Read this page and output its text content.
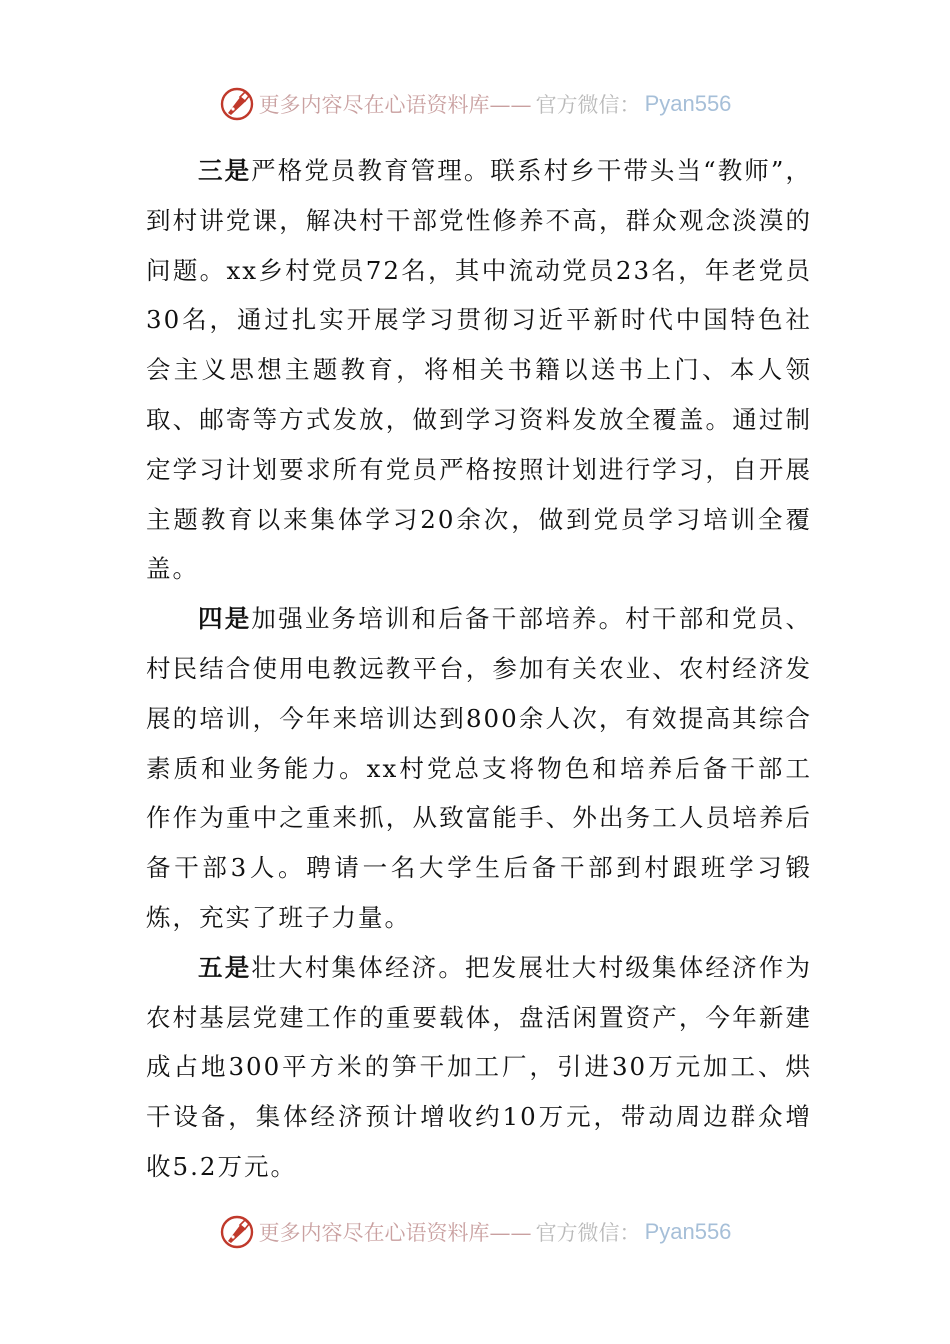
更多内容尽在心语资料库—— 官方微信： Pyan556

三是严格党员教育管理。联系村乡干带头当“教师”，到村讲党课，解决村干部党性修养不高，群众观念淡漠的问题。xx乡村党员72名，其中流动党员23名，年老党员30名，通过扎实开展学习贯彻习近平新时代中国特色社会主义思想主题教育，将相关书籍以送书上门、本人领取、邮寄等方式发放，做到学习资料发放全覆盖。通过制定学习计划要求所有党员严格按照计划进行学习，自开展主题教育以来集体学习20余次，做到党员学习培训全覆盖。

四是加强业务培训和后备干部培养。村干部和党员、村民结合使用电教远教平台，参加有关农业、农村经济发展的培训，今年来培训达到800余人次，有效提高其综合素质和业务能力。xx村党总支将物色和培养后备干部工作作为重中之重来抓，从致富能手、外出务工人员培养后备干部3人。聘请一名大学生后备干部到村跟班学习锻炼，充实了班子力量。

五是壮大村集体经济。把发展壮大村级集体经济作为农村基层党建工作的重要载体，盘活闲置资产，今年新建成占地300平方米的笋干加工厂，引进30万元加工、烘干设备，集体经济预计增收约10万元，带动周边群众增收5.2万元。

更多内容尽在心语资料库—— 官方微信： Pyan556
